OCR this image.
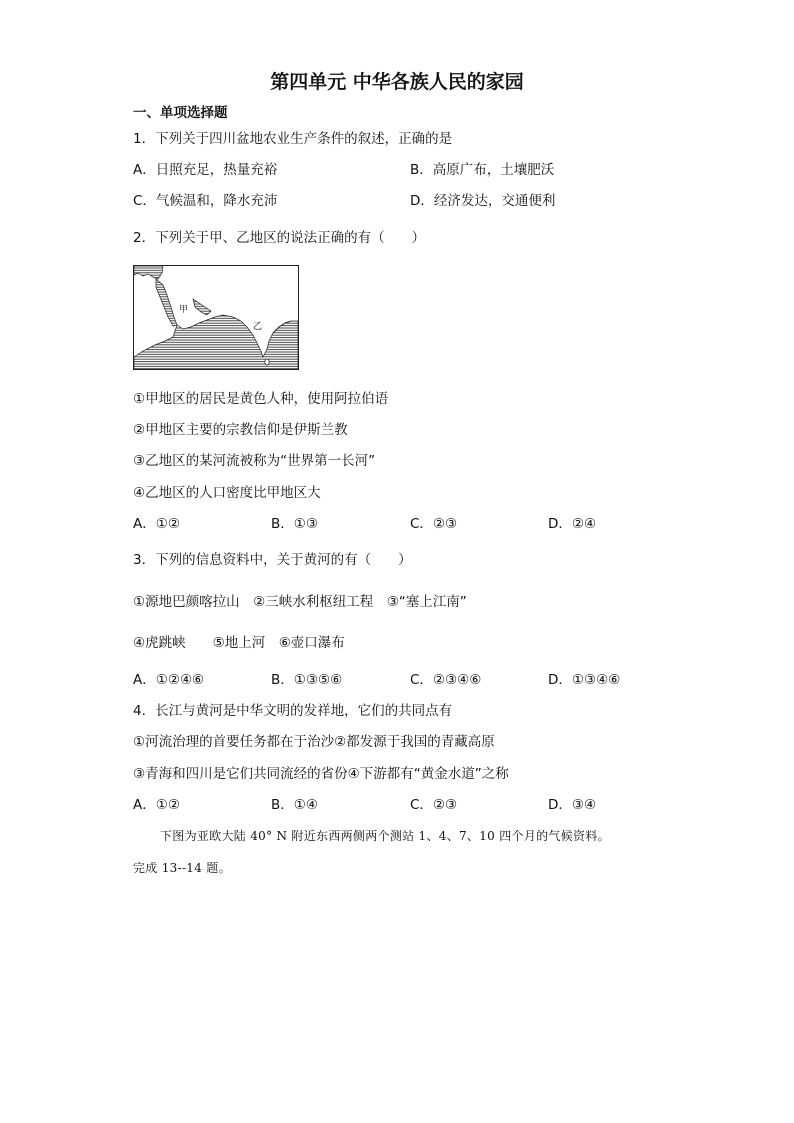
第四单元 中华各族人民的家园
一、单项选择题
1．下列关于四川盆地农业生产条件的叙述，正确的是
A．日照充足，热量充裕	B．高原广布，土壤肥沃
C．气候温和，降水充沛	D．经济发达，交通便利
2．下列关于甲、乙地区的说法正确的有（　　）
甲
乙
①甲地区的居民是黄色人种，使用阿拉伯语
②甲地区主要的宗教信仰是伊斯兰教
③乙地区的某河流被称为“世界第一长河”
④乙地区的人口密度比甲地区大
A．①②	B．①③	C．②③	D．②④
3．下列的信息资料中，关于黄河的有（　　）
①源地巴颜喀拉山　②三峡水利枢纽工程　③“塞上江南”
④虎跳峡　　⑤地上河　⑥壶口瀑布
A．①②④⑥	B．①③⑤⑥	C．②③④⑥	D．①③④⑥
4．长江与黄河是中华文明的发祥地，它们的共同点有
①河流治理的首要任务都在于治沙②都发源于我国的青藏高原
③青海和四川是它们共同流经的省份④下游都有“黄金水道”之称
A．①②	B．①④	C．②③	D．③④
下图为亚欧大陆 40° N 附近东西两侧两个测站 1、4、7、10 四个月的气候资料。
完成 13--14 题。
